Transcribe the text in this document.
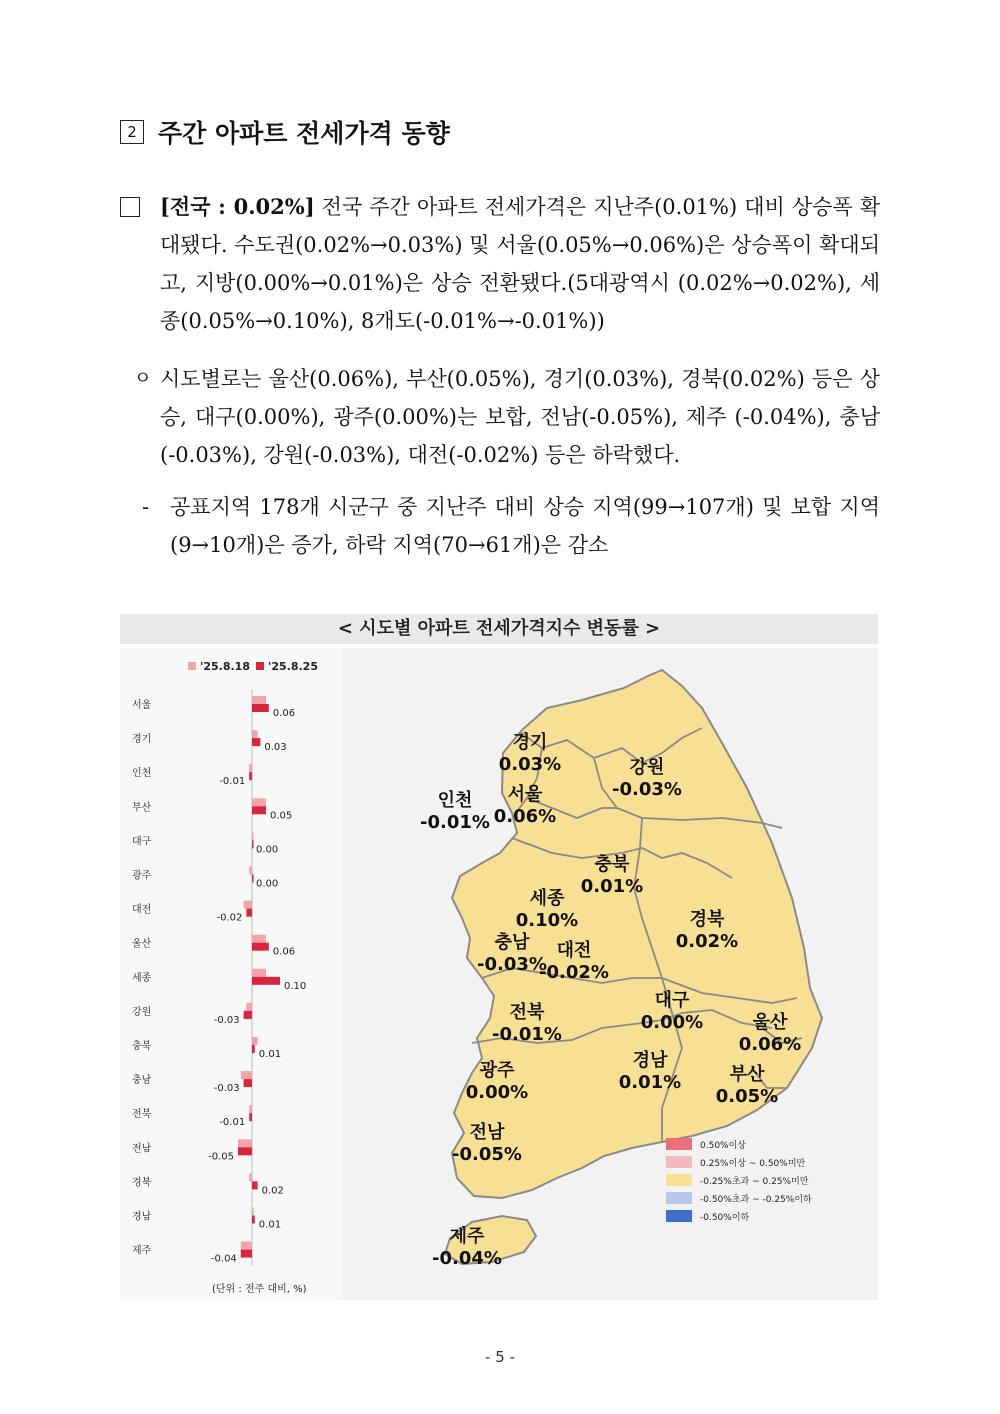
2 주간 아파트 전세가격 동향
[전국 : 0.02%] 전국 주간 아파트 전세가격은 지난주(0.01%) 대비 상승폭 확대됐다. 수도권(0.02%→0.03%) 및 서울(0.05%→0.06%)은 상승폭이 확대되고, 지방(0.00%→0.01%)은 상승 전환됐다.(5대광역시 (0.02%→0.02%), 세종(0.05%→0.10%), 8개도(-0.01%→-0.01%))
ㅇ 시도별로는 울산(0.06%), 부산(0.05%), 경기(0.03%), 경북(0.02%) 등은 상승, 대구(0.00%), 광주(0.00%)는 보합, 전남(-0.05%), 제주 (-0.04%), 충남(-0.03%), 강원(-0.03%), 대전(-0.02%) 등은 하락했다.
- 공표지역 178개 시군구 중 지난주 대비 상승 지역(99→107개) 및 보합 지역(9→10개)은 증가, 하락 지역(70→61개)은 감소
< 시도별 아파트 전세가격지수 변동률 >
'25.8.18 '25.8.25
서울
0.06
경기
0.03
인천
-0.01
부산
0.05
대구
0.00
광주
0.00
대전
-0.02
울산
0.06
세종
0.10
강원
-0.03
충북
0.01
충남
-0.03
전북
-0.01
전남
-0.05
경북
0.02
경남
0.01
제주
-0.04
(단위 : 전주 대비, %)
경기
0.03%	강원
-0.03%
인천
-0.01%
서울
0.06%
충북
0.01%
세종
0.10%	경북
0.02%
충남
-0.03%
대전
-0.02%
대구
0.00%
전북
-0.01%
울산
0.06%
광주
0.00%
경남
0.01%	부산
0.05%
전남
-0.05%
제주
-0.04%
0.50%이상
0.25%이상 ~ 0.50%미만
-0.25%초과 ~ 0.25%미만
-0.50%초과 ~ -0.25%이하
-0.50%이하
- 5 -
